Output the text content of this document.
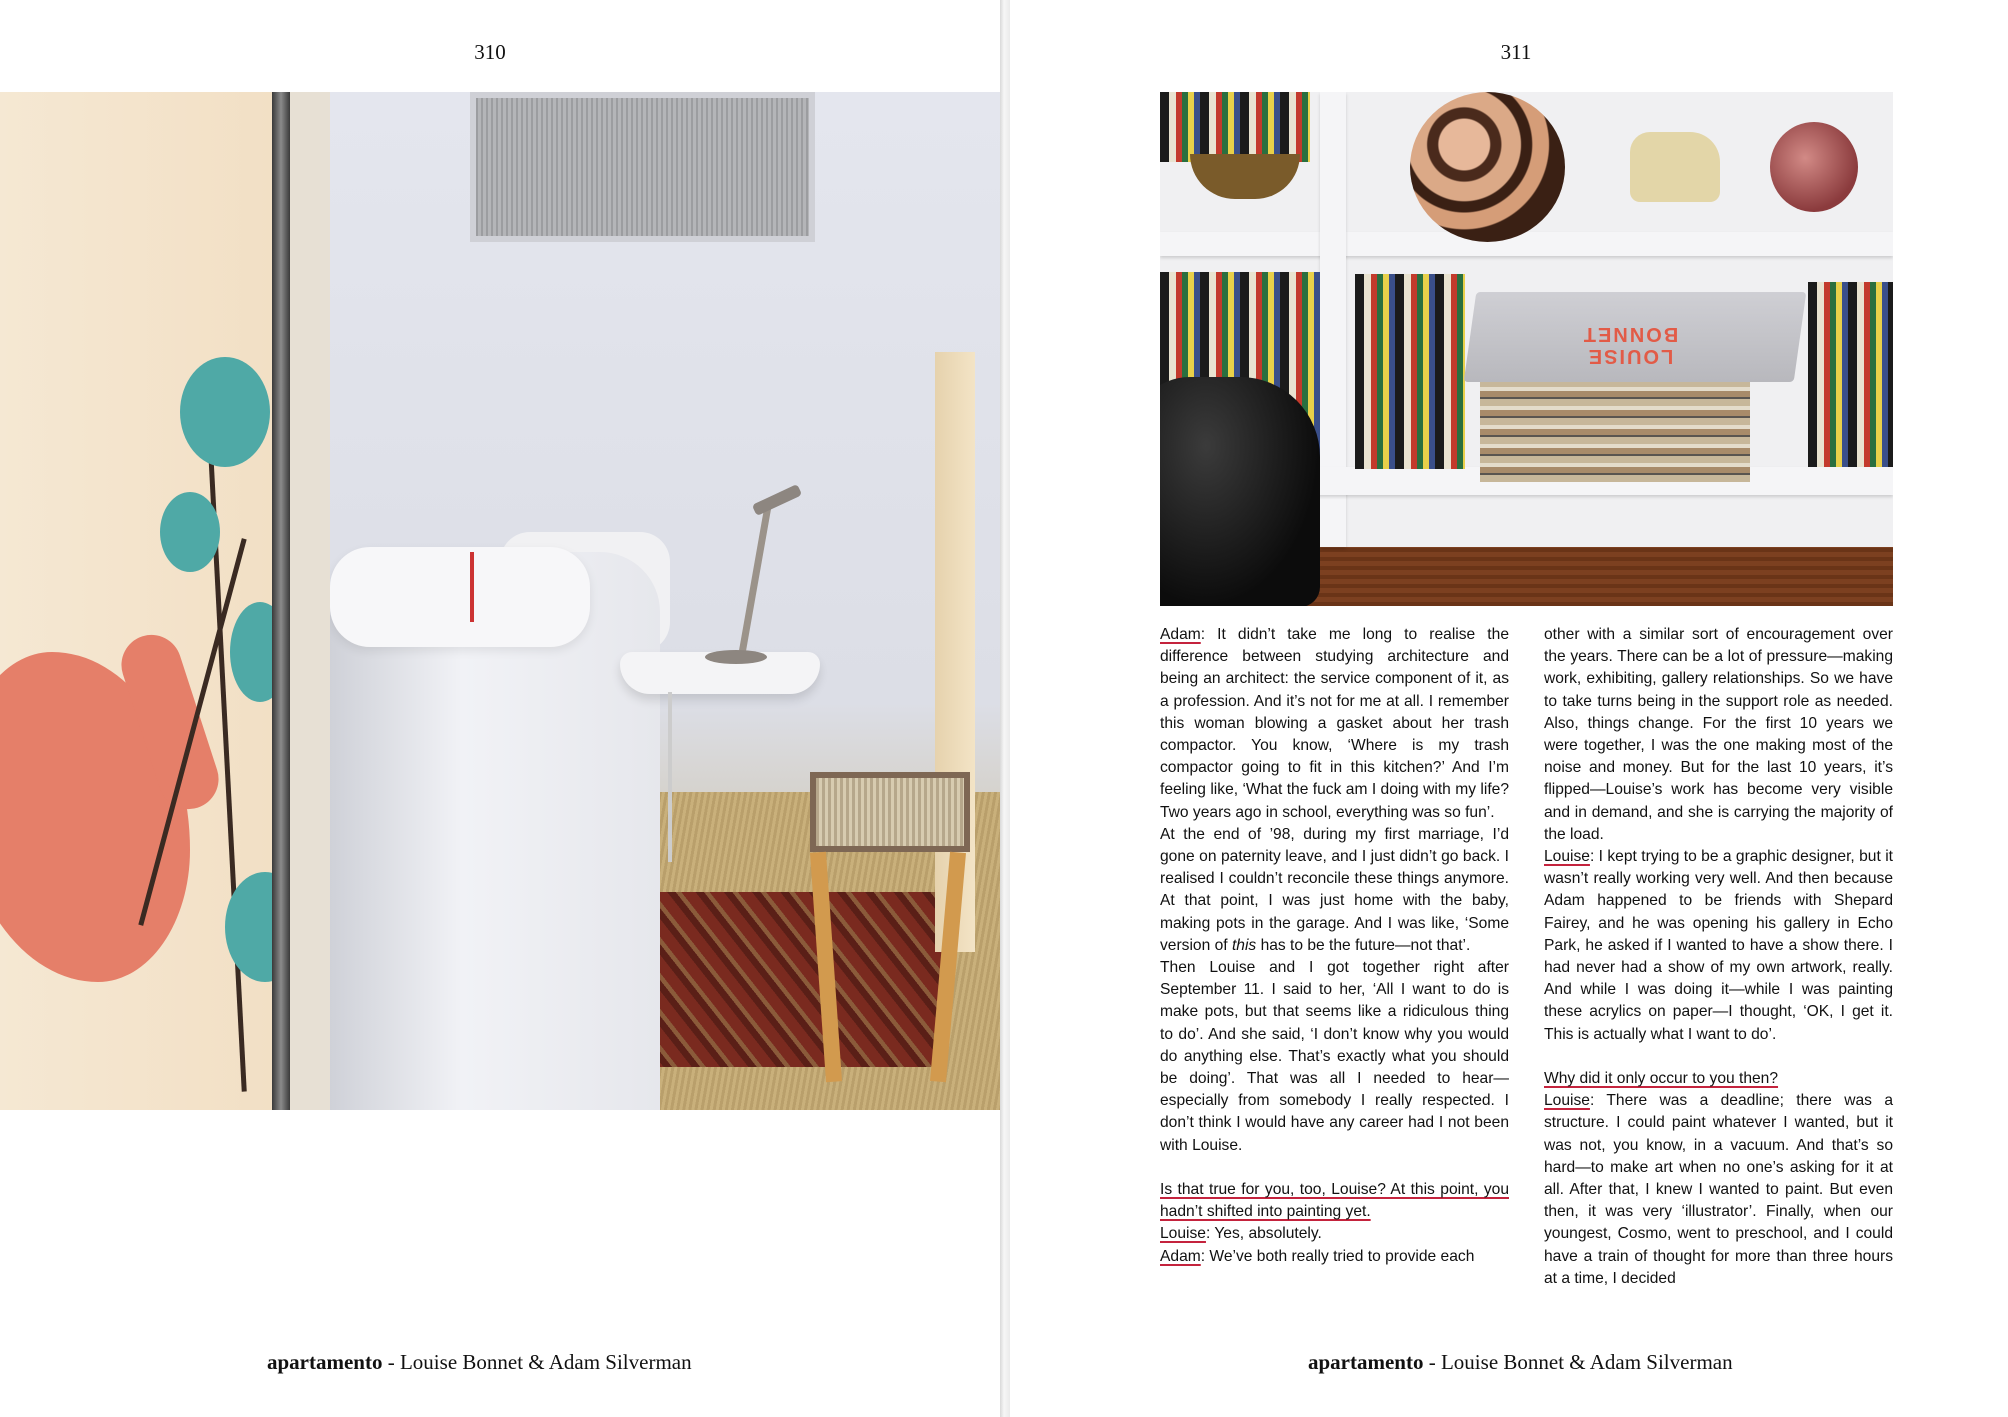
310
apartamento - Louise Bonnet & Adam Silverman
311
LOUISE BONNET

Adam: It didn’t take me long to realise the difference between studying architecture and being an architect: the service component of it, as a profession. And it’s not for me at all. I remember this woman blowing a gasket about her trash compactor. You know, ‘Where is my trash compactor going to fit in this kitchen?’ And I’m feeling like, ‘What the fuck am I doing with my life? Two years ago in school, everything was so fun’.

At the end of ’98, during my first marriage, I’d gone on paternity leave, and I just didn’t go back. I realised I couldn’t reconcile these things anymore. At that point, I was just home with the baby, making pots in the garage. And I was like, ‘Some version of this has to be the future—not that’.

Then Louise and I got together right after September 11. I said to her, ‘All I want to do is make pots, but that seems like a ridiculous thing to do’. And she said, ‘I don’t know why you would do anything else. That’s exactly what you should be doing’. That was all I needed to hear—especially from somebody I really respected. I don’t think I would have any career had I not been with Louise.

Is that true for you, too, Louise? At this point, you hadn’t shifted into painting yet.

Louise: Yes, absolutely.

Adam: We’ve both really tried to provide each

other with a similar sort of encouragement over the years. There can be a lot of pressure—making work, exhibiting, gallery relationships. So we have to take turns being in the support role as needed. Also, things change. For the first 10 years we were together, I was the one making most of the noise and money. But for the last 10 years, it’s flipped—Louise’s work has become very visible and in demand, and she is carrying the majority of the load.

Louise: I kept trying to be a graphic designer, but it wasn’t really working very well. And then because Adam happened to be friends with Shepard Fairey, and he was opening his gallery in Echo Park, he asked if I wanted to have a show there. I had never had a show of my own artwork, really. And while I was doing it—while I was painting these acrylics on paper—I thought, ‘OK, I get it. This is actually what I want to do’.

Why did it only occur to you then?

Louise: There was a deadline; there was a structure. I could paint whatever I wanted, but it was not, you know, in a vacuum. And that’s so hard—to make art when no one’s asking for it at all. After that, I knew I wanted to paint. But even then, it was very ‘illustrator’. Finally, when our youngest, Cosmo, went to preschool, and I could have a train of thought for more than three hours at a time, I decided

apartamento - Louise Bonnet & Adam Silverman
